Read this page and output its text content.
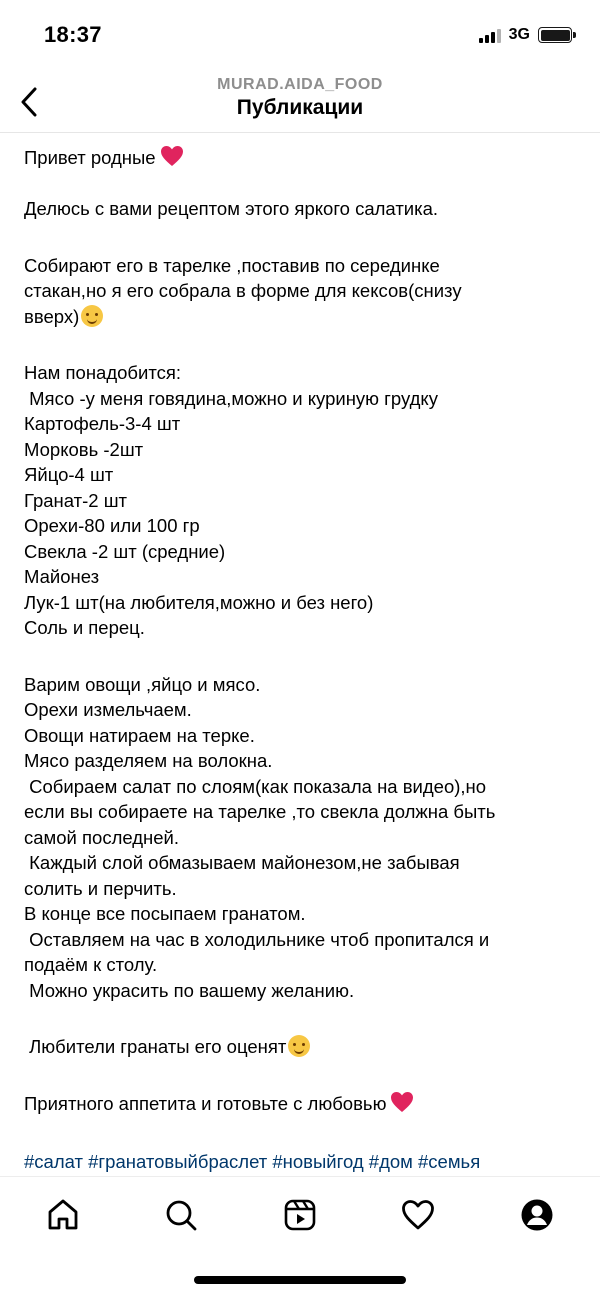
18:37	3G
MURAD.AIDA_FOOD
Публикации
Привет родные
Делюсь с вами рецептом этого яркого салатика.
Собирают его в тарелке ,поставив по серединке
стакан,но я его собрала в форме для кексов(снизу
вверх)
Нам понадобится:
Мясо -у меня говядина,можно и куриную грудку
Картофель-3-4 шт
Морковь -2шт
Яйцо-4 шт
Гранат-2 шт
Орехи-80 или 100 гр
Свекла -2 шт (средние)
Майонез
Лук-1 шт(на любителя,можно и без него)
Соль и перец.
Варим овощи ,яйцо и мясо.
Орехи измельчаем.
Овощи натираем на терке.
Мясо разделяем на волокна.
Собираем салат по слоям(как показала на видео),но
если вы собираете на тарелке ,то свекла должна быть
самой последней.
Каждый слой обмазываем майонезом,не забывая
солить и перчить.
В конце все посыпаем гранатом.
Оставляем на час в холодильнике чтоб пропитался и
подаём к столу.
Можно украсить по вашему желанию.
Любители гранаты его оценят
Приятного аппетита и готовьте с любовью
#салат #гранатовыйбраслет #новыйгод #дом #семья
